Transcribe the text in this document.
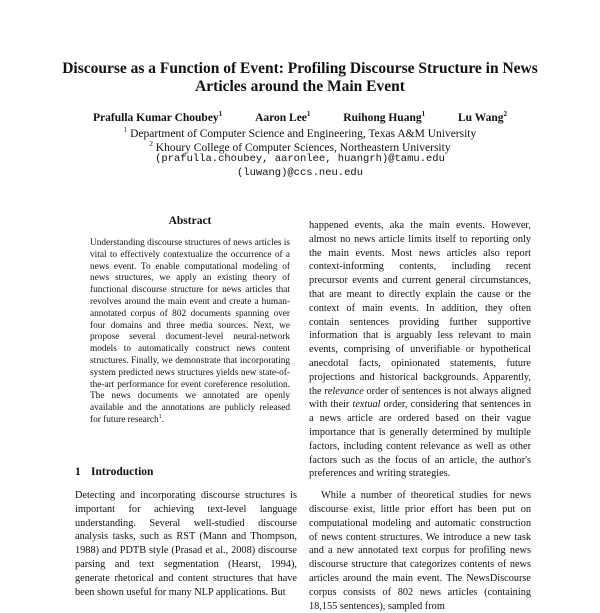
Discourse as a Function of Event: Profiling Discourse Structure in News
Articles around the Main Event
Prafulla Kumar Choubey$^1$	Aaron Lee$^1$	Ruihong Huang$^1$	Lu Wang$^2$
$^1$ Department of Computer Science and Engineering, Texas A&M University
$^2$ Khoury College of Computer Sciences, Northeastern University
(prafulla.choubey, aaronlee, huangrh)@tamu.edu
(luwang)@ccs.neu.edu
Abstract
Understanding discourse structures of news articles is vital to effectively contextualize the occurrence of a news event. To enable computational modeling of news structures, we apply an existing theory of functional discourse structure for news articles that revolves around the main event and create a human-annotated corpus of 802 documents spanning over four domains and three media sources. Next, we propose several document-level neural-network models to automatically construct news content structures. Finally, we demonstrate that incorporating system predicted news structures yields new state-of-the-art performance for event coreference resolution. The news documents we annotated are openly available and the annotations are publicly released for future research$^1$.
1 Introduction
Detecting and incorporating discourse structures is important for achieving text-level language understanding. Several well-studied discourse analysis tasks, such as RST (Mann and Thompson, 1988) and PDTB style (Prasad et al., 2008) discourse parsing and text segmentation (Hearst, 1994), generate rhetorical and content structures that have been shown useful for many NLP applications. But

happened events, aka the main events. However, almost no news article limits itself to reporting only the main events. Most news articles also report context-informing contents, including recent precursor events and current general circumstances, that are meant to directly explain the cause or the context of main events. In addition, they often contain sentences providing further supportive information that is arguably less relevant to main events, comprising of unverifiable or hypothetical anecdotal facts, opinionated statements, future projections and historical backgrounds. Apparently, the relevance order of sentences is not always aligned with their textual order, considering that sentences in a news article are ordered based on their vague importance that is generally determined by multiple factors, including content relevance as well as other factors such as the focus of an article, the author's preferences and writing strategies.

While a number of theoretical studies for news discourse exist, little prior effort has been put on computational modeling and automatic construction of news content structures. We introduce a new task and a new annotated text corpus for profiling news discourse structure that categorizes contents of news articles around the main event. The NewsDiscourse corpus consists of 802 news articles (containing 18,155 sentences), sampled from
